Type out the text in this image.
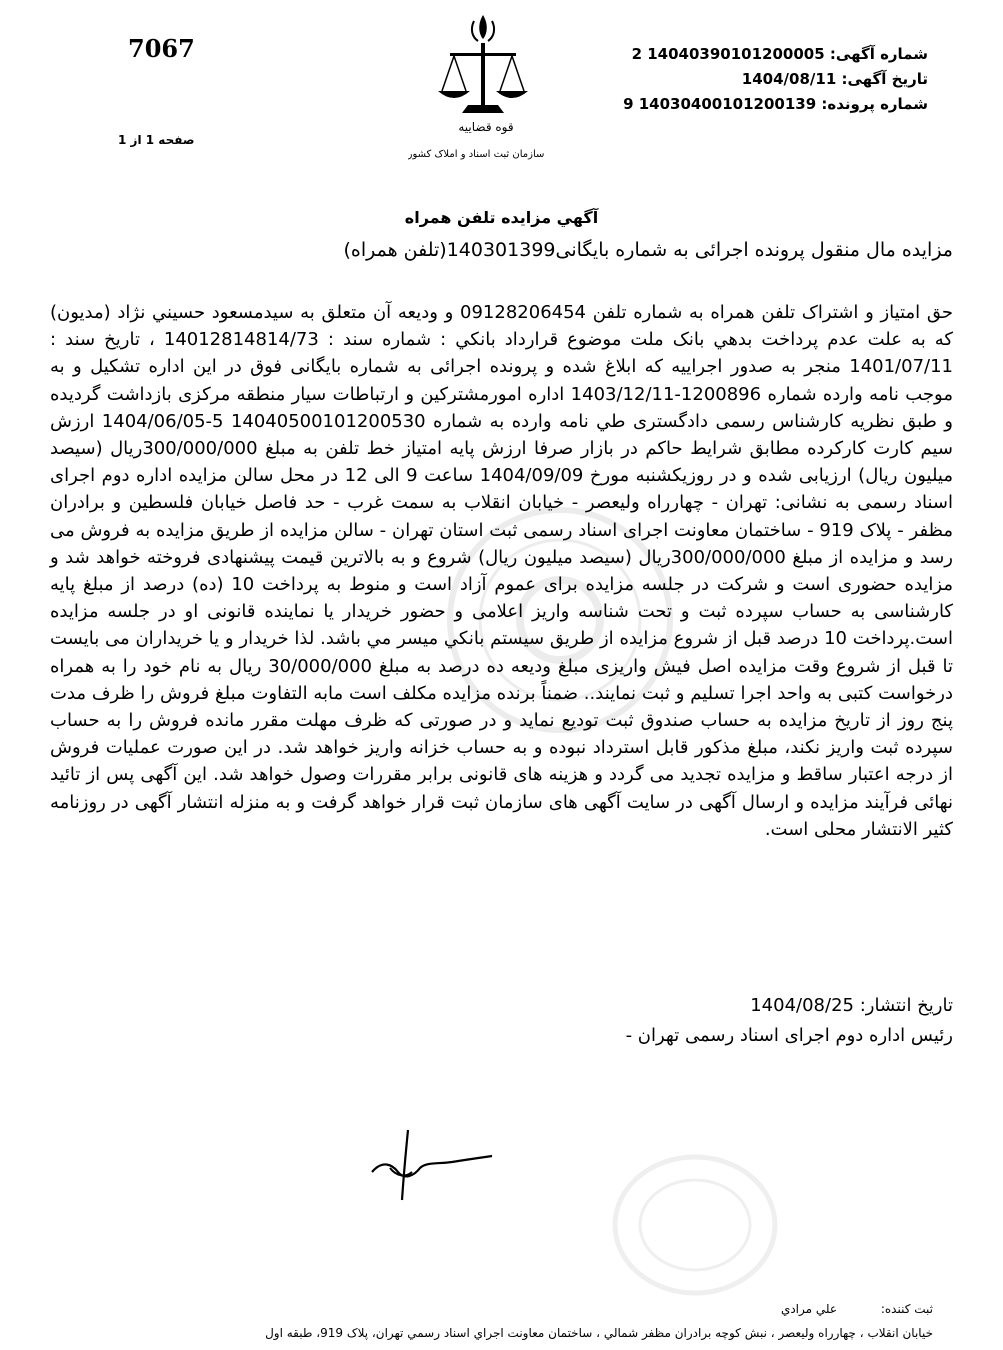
7067
صفحه 1 از 1
قوه قضاییه
سازمان ثبت اسناد و املاک کشور
شماره آگهی: 14040390101200005 2
تاریخ آگهی: 1404/08/11
شماره پرونده: 14030400101200139 9
آگهي مزايده تلفن همراه
مزایده مال منقول پرونده اجرائی به شماره بایگانی140301399(تلفن همراه)
حق امتیاز و اشتراک تلفن همراه به شماره تلفن 09128206454 و ودیعه آن متعلق به سیدمسعود حسيني نژاد (مدیون) که به علت عدم پرداخت بدهي بانک ملت موضوع قرارداد بانکي : شماره سند : 14012814814/73 ، تاریخ سند : 1401/07/11 منجر به صدور اجراییه که ابلاغ شده و پرونده اجرائی به شماره بایگانی فوق در این اداره تشکیل و به موجب نامه وارده شماره 1200896-1403/12/11 اداره امورمشترکین و ارتباطات سیار منطقه مرکزی بازداشت گردیده و طبق نظریه کارشناس رسمی دادگستری طي نامه وارده به شماره 14040500101200530 5-1404/06/05 ارزش سیم کارت کارکرده مطابق شرایط حاکم در بازار صرفا ارزش پایه امتیاز خط تلفن به مبلغ 300/000/000ریال (سیصد میلیون ریال) ارزیابی شده و در روزیکشنبه مورخ 1404/09/09 ساعت 9 الی 12 در محل سالن مزایده اداره دوم اجرای اسناد رسمی به نشانی: تهران - چهارراه ولیعصر - خیابان انقلاب به سمت غرب - حد فاصل خیابان فلسطین و برادران مظفر - پلاک 919 - ساختمان معاونت اجرای اسناد رسمی ثبت استان تهران - سالن مزایده از طریق مزایده به فروش می رسد و مزایده از مبلغ 300/000/000ریال (سیصد میلیون ریال) شروع و به بالاترین قیمت پیشنهادی فروخته خواهد شد و مزایده حضوری است و شرکت در جلسه مزایده برای عموم آزاد است و منوط به پرداخت 10 (ده) درصد از مبلغ پایه کارشناسی به حساب سپرده ثبت و تحت شناسه واریز اعلامی و حضور خریدار یا نماینده قانونی او در جلسه مزایده است.پرداخت 10 درصد قبل از شروع مزایده از طریق سیستم بانکي میسر مي باشد. لذا خریدار و یا خریداران می بایست تا قبل از شروع وقت مزایده اصل فیش واریزی مبلغ ودیعه ده درصد به مبلغ 30/000/000 ریال به نام خود را به همراه درخواست کتبی به واحد اجرا تسلیم و ثبت نمایند.. ضمناً برنده مزایده مکلف است مابه التفاوت مبلغ فروش را ظرف مدت پنج روز از تاریخ مزایده به حساب صندوق ثبت تودیع نماید و در صورتی که ظرف مهلت مقرر مانده فروش را به حساب سپرده ثبت واریز نکند، مبلغ مذکور قابل استرداد نبوده و به حساب خزانه واریز خواهد شد. در این صورت عملیات فروش از درجه اعتبار ساقط و مزایده تجدید می گردد و هزینه های قانونی برابر مقررات وصول خواهد شد. این آگهی پس از تائید نهائی فرآیند مزایده و ارسال آگهی در سایت آگهی های سازمان ثبت قرار خواهد گرفت و به منزله انتشار آگهی در روزنامه کثیر الانتشار محلی است.
تاریخ انتشار: 1404/08/25
رئیس اداره دوم اجرای اسناد رسمی تهران -
ثبت کننده: علي مرادي
خيابان انقلاب ، چهارراه وليعصر ، نبش کوچه برادران مظفر شمالي ، ساختمان معاونت اجراي اسناد رسمي تهران، پلاک 919، طبقه اول
